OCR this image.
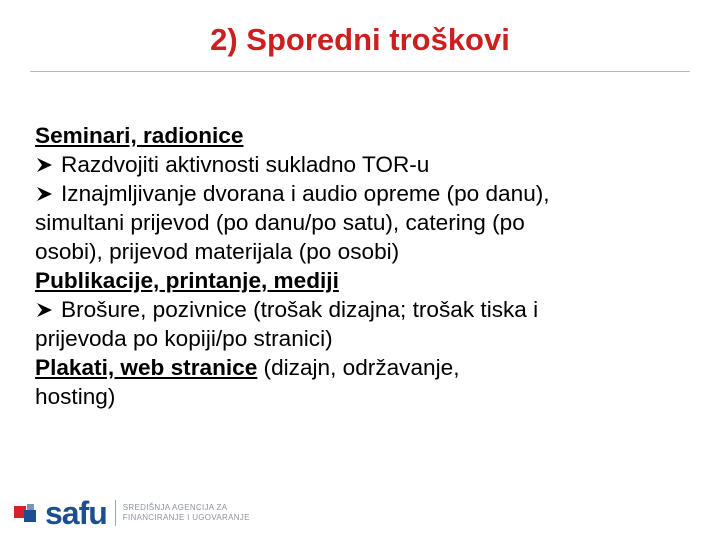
2) Sporedni troškovi
Seminari, radionice
Razdvojiti aktivnosti sukladno TOR-u
Iznajmljivanje dvorana i audio opreme (po danu),
simultani prijevod (po danu/po satu), catering (po
osobi), prijevod materijala (po osobi)
Publikacije, printanje, mediji
Brošure, pozivnice (trošak dizajna; trošak tiska i
prijevoda po kopiji/po stranici)
Plakati, web stranice (dizajn, održavanje,
hosting)
safu SREDIŠNJA AGENCIJA ZA
FINANCIRANJE I UGOVARANJE
